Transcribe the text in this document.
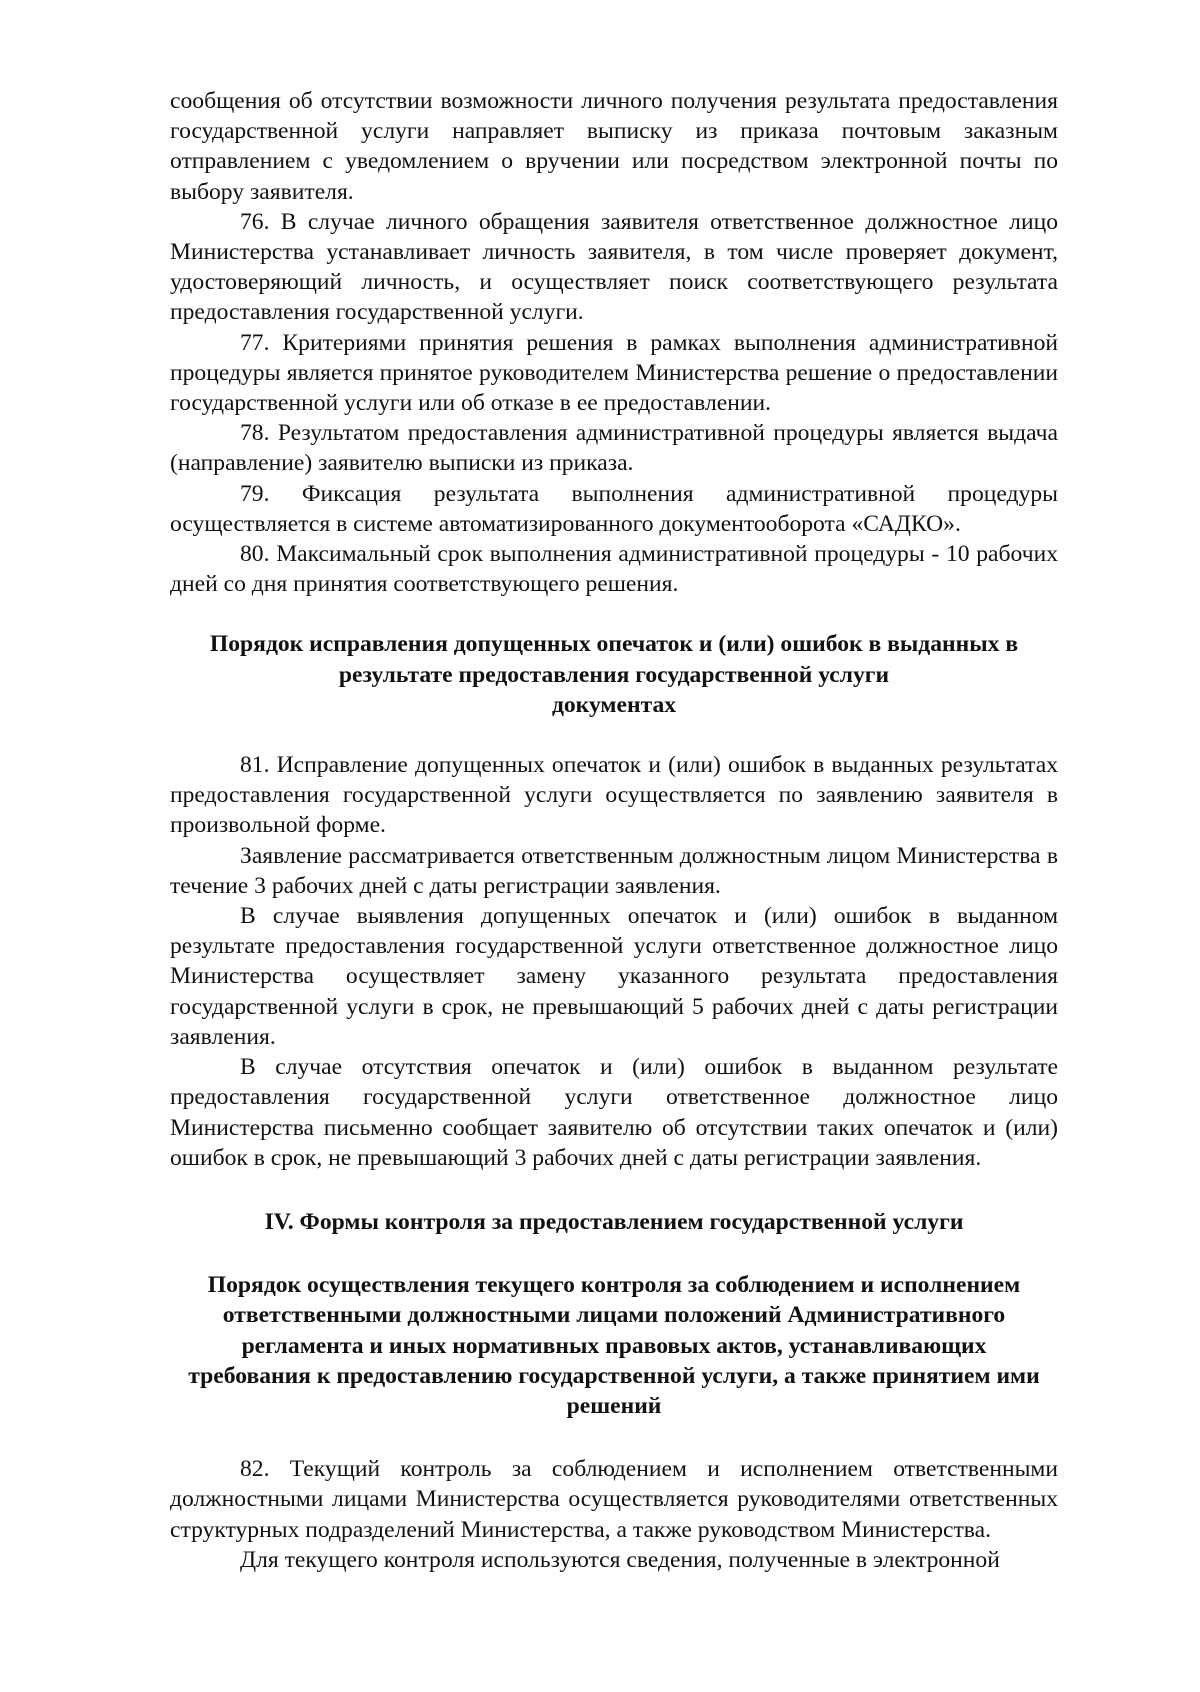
сообщения об отсутствии возможности личного получения результата предоставления государственной услуги направляет выписку из приказа почтовым заказным отправлением с уведомлением о вручении или посредством электронной почты по выбору заявителя.

76. В случае личного обращения заявителя ответственное должностное лицо Министерства устанавливает личность заявителя, в том числе проверяет документ, удостоверяющий личность, и осуществляет поиск соответствующего результата предоставления государственной услуги.

77. Критериями принятия решения в рамках выполнения административной процедуры является принятое руководителем Министерства решение о предоставлении государственной услуги или об отказе в ее предоставлении.

78. Результатом предоставления административной процедуры является выдача (направление) заявителю выписки из приказа.

79. Фиксация результата выполнения административной процедуры осуществляется в системе автоматизированного документооборота «САДКО».

80. Максимальный срок выполнения административной процедуры - 10 рабочих дней со дня принятия соответствующего решения.

Порядок исправления допущенных опечаток и (или) ошибок в выданных в

результате предоставления государственной услуги

документах

81. Исправление допущенных опечаток и (или) ошибок в выданных результатах предоставления государственной услуги осуществляется по заявлению заявителя в произвольной форме.

Заявление рассматривается ответственным должностным лицом Министерства в течение 3 рабочих дней с даты регистрации заявления.

В случае выявления допущенных опечаток и (или) ошибок в выданном результате предоставления государственной услуги ответственное должностное лицо Министерства осуществляет замену указанного результата предоставления государственной услуги в срок, не превышающий 5 рабочих дней с даты регистрации заявления.

В случае отсутствия опечаток и (или) ошибок в выданном результате предоставления государственной услуги ответственное должностное лицо Министерства письменно сообщает заявителю об отсутствии таких опечаток и (или) ошибок в срок, не превышающий 3 рабочих дней с даты регистрации заявления.

IV. Формы контроля за предоставлением государственной услуги

Порядок осуществления текущего контроля за соблюдением и исполнением

ответственными должностными лицами положений Административного

регламента и иных нормативных правовых актов, устанавливающих

требования к предоставлению государственной услуги, а также принятием ими

решений

82. Текущий контроль за соблюдением и исполнением ответственными должностными лицами Министерства осуществляется руководителями ответственных структурных подразделений Министерства, а также руководством Министерства.

Для текущего контроля используются сведения, полученные в электронной
